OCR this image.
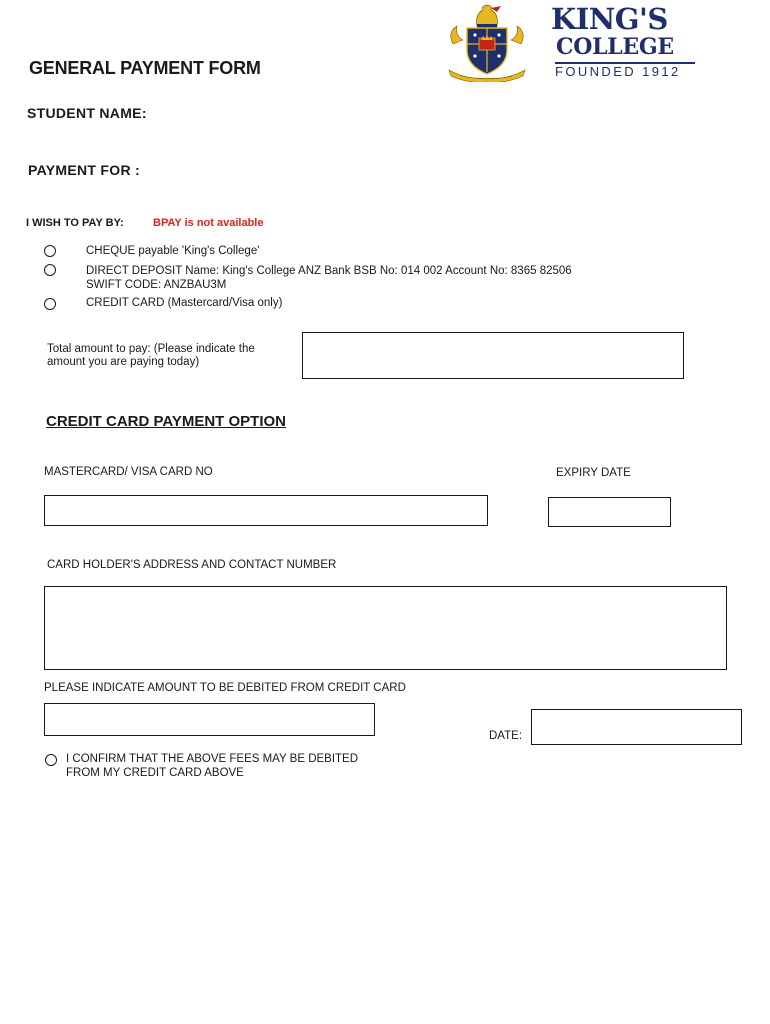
GENERAL PAYMENT FORM
KING'S
COLLEGE
FOUNDED 1912
STUDENT NAME:
PAYMENT FOR :
I WISH TO PAY BY:	BPAY is not available
CHEQUE payable 'King's College'
DIRECT DEPOSIT Name: King's College ANZ Bank BSB No: 014 002 Account No: 8365 82506
SWIFT CODE: ANZBAU3M
CREDIT CARD (Mastercard/Visa only)
Total amount to pay: (Please indicate the
amount you are paying today)
CREDIT CARD PAYMENT OPTION
MASTERCARD/ VISA CARD NO	EXPIRY DATE
CARD HOLDER'S ADDRESS AND CONTACT NUMBER
PLEASE INDICATE AMOUNT TO BE DEBITED FROM CREDIT CARD
DATE:
I CONFIRM THAT THE ABOVE FEES MAY BE DEBITED
FROM MY CREDIT CARD ABOVE
